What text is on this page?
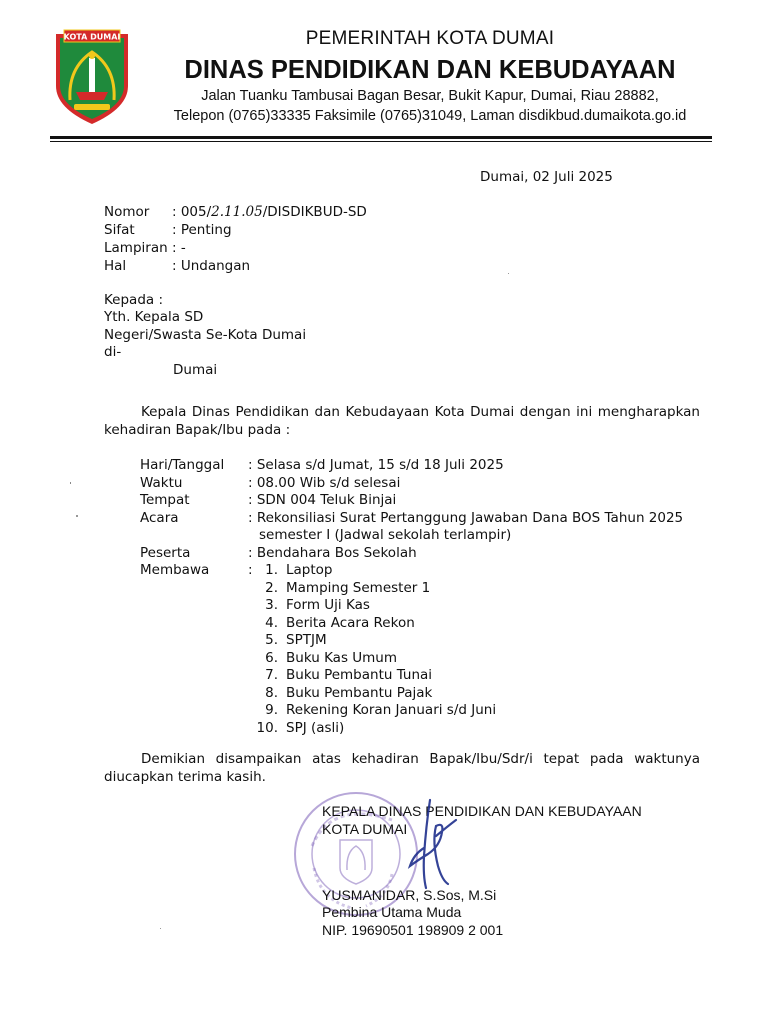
KOTA DUMAI	PEMERINTAH KOTA DUMAI
DINAS PENDIDIKAN DAN KEBUDAYAAN
Jalan Tuanku Tambusai Bagan Besar, Bukit Kapur, Dumai, Riau 28882,
Telepon (0765)33335 Faksimile (0765)31049, Laman disdikbud.dumaikota.go.id
Dumai, 02 Juli 2025
Nomor : 005/2.11.05/DISDIKBUD-SD
Sifat	: Penting
Lampiran : -
Hal	: Undangan
Kepada :
Yth. Kepala SD
Negeri/Swasta Se-Kota Dumai
di-
Dumai
Kepala Dinas Pendidikan dan Kebudayaan Kota Dumai dengan ini mengharapkan kehadiran Bapak/Ibu pada :
Hari/Tanggal : Selasa s/d Jumat, 15 s/d 18 Juli 2025
Waktu	: 08.00 Wib s/d selesai
Tempat	: SDN 004 Teluk Binjai
Acara	: Rekonsiliasi Surat Pertanggung Jawaban Dana BOS Tahun 2025
semester I (Jadwal sekolah terlampir)
Peserta	: Bendahara Bos Sekolah
Membawa	: 1. Laptop
2. Mamping Semester 1
3. Form Uji Kas
4. Berita Acara Rekon
5. SPTJM
6. Buku Kas Umum
7. Buku Pembantu Tunai
8. Buku Pembantu Pajak
9. Rekening Koran Januari s/d Juni
10. SPJ (asli)
Demikian disampaikan atas kehadiran Bapak/Ibu/Sdr/i tepat pada waktunya diucapkan terima kasih.
KEPALA DINAS PENDIDIKAN DAN KEBUDAYAAN
KOTA DUMAI
YUSMANIDAR, S.Sos, M.Si
Pembina Utama Muda
NIP. 19690501 198909 2 001
